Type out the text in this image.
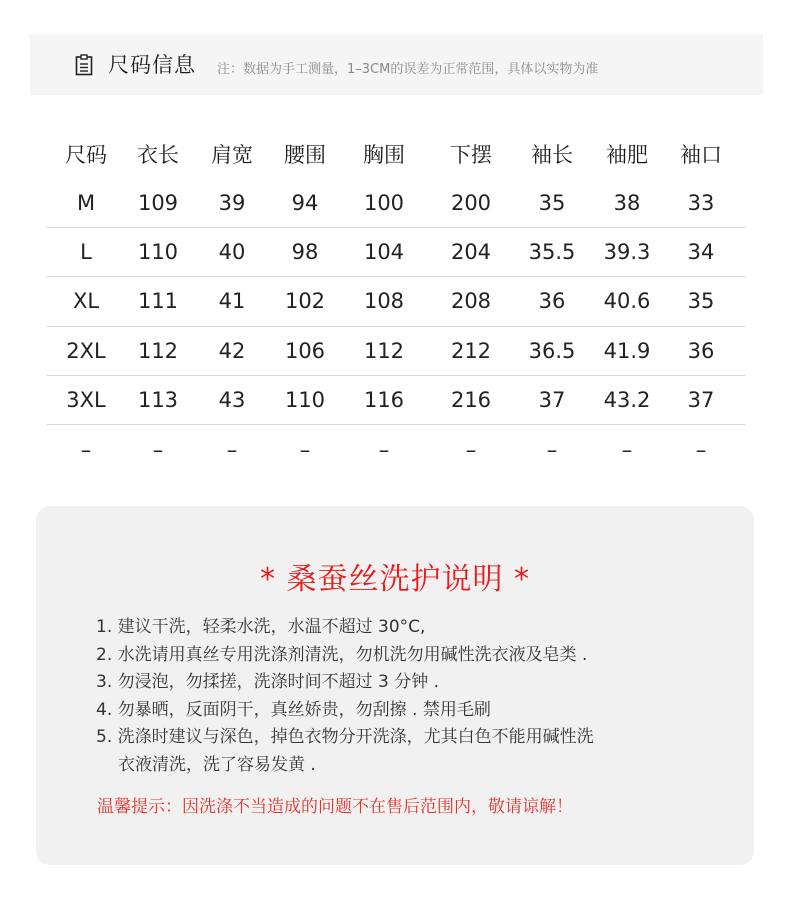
尺码信息 注：数据为手工测量，1–3CM的误差为正常范围，具体以实物为准
尺码	衣长	肩宽	腰围	胸围	下摆	袖长	袖肥	袖口
M	109	39	94	100	200	35	38	33
L	110	40	98	104	204	35.5	39.3	34
XL	111	41	102	108	208	36	40.6	35
2XL	112	42	106	112	212	36.5	41.9	36
3XL	113	43	110	116	216	37	43.2	37
–	–	–	–	–	–	–	–	–
* 桑蚕丝洗护说明 *
1. 建议干洗，轻柔水洗，水温不超过 30°C,
2. 水洗请用真丝专用洗涤剂清洗，勿机洗勿用碱性洗衣液及皂类 .
3. 勿浸泡，勿揉搓，洗涤时间不超过 3 分钟 .
4. 勿暴晒，反面阴干，真丝娇贵，勿刮擦 . 禁用毛刷
5. 洗涤时建议与深色，掉色衣物分开洗涤，尤其白色不能用碱性洗
衣液清洗，洗了容易发黄 .
温馨提示：因洗涤不当造成的问题不在售后范围内，敬请谅解！
